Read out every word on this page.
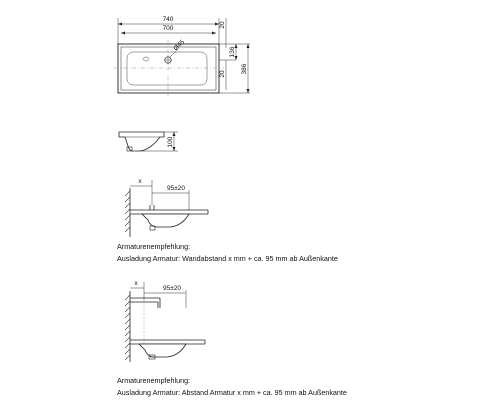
740
700
Ø45
20
20
136
386
100
x
95±20
x
95±20
Armaturenempfehlung:
Ausladung Armatur: Wandabstand x mm + ca. 95 mm ab Außenkante
Armaturenempfehlung:
Ausladung Armatur: Abstand Armatur x mm + ca. 95 mm ab Außenkante
